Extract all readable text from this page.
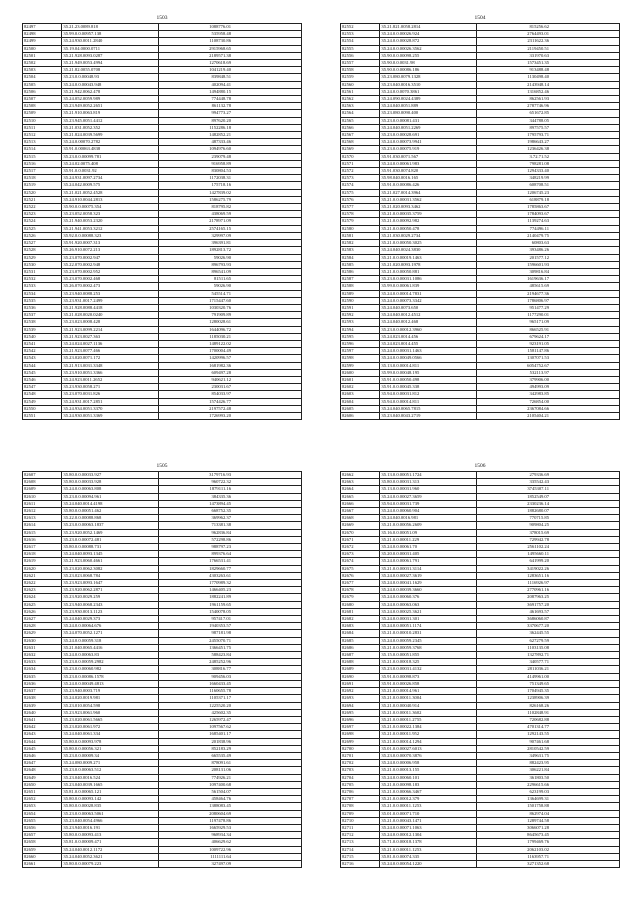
1503
82497	35.21.23.0089.818	1088776.01
82498	35.99.0.0.00957.138	535958.48
82499	35.24.930.0011.2840	1108730.86
82500	35.19.04.0000.0711	2915968.65
82501	35.21.928.0093.0287	2189571.38
82502	35.21.949.0053.4994	1270618.69
82503	35.21.82.0055.0708	1041219.40
82504	35.23.0.0.00048.93	839848.51
82505	35.24.0.0.00043.948	402094.41
82506	35.21.942.0062.478	1494880.15
82507	35.24.052.0059.989	774448.78
82508	35.23.949.0052.2651	861132.78
82509	35.21.910.0063.819	994773.27
82510	35.23.945.0051.4412	897620.20
82511	35.21.031.0052.352	1152286.18
82512	35.21.824.0039.5699	1482852.21
82513	35.24.0.00070.2782	487333.46
82514	35.91.0.00063.4838	1094976.60
82515	35.23.0.0.00099.781	239079.48
82516	35.24.02.0075.408	916958.89
82517	35.91.0.0.0031.92	830804.53
82518	35.24.931.0097.2734	1172038.31
82519	35.24.042.0009.575	175718.16
82520	35.21.021.0052.4528	1427839.02
82521	35.24.910.0044.2813	1586275.79
82522	35.90.0.0.00075.354	818795.82
82523	35.23.052.0058.323	438069.59
82524	35.21.940.0053.2320	2178971.09
82525	35.21.941.0053.3212	2574165.15
82526	35.92.0.0.00088.323	329997.09
82527	35.91.920.0007.313	396391.81
82528	35.26.910.0072.213	1892813.72
82529	35.23.070.0002.947	59026.90
82530	35.22.070.0002.948	896793.93
82531	35.23.070.0002.952	896541.09
82532	35.23.070.0002.468	81511.65
82533	35.26.070.0002.473	59026.90
82534	35.23.940.0088.253	545514.71
82535	35.23.931.0017.2499	1715447.60
82536	35.21.928.0088.4418	1030320.76
82537	35.21.028.0020.0240	791909.89
82538	35.23.023.0008.428	1280028.61
82539	35.21.923.0099.2214	1644096.72
82540	35.21.923.0027.363	1185030.21
82541	35.24.024.0027.1136	1489122.02
82542	35.21.923.0077.466	1700004.49
82543	35.23.020.0071.172	1420996.57
82544	35.21.913.0031.3348	1681982.36
82545	35.23.910.0051.3366	609497.28
82546	35.24.923.0011.2652	940621.12
82547	35.23.930.0058.271	230031.67
82548	35.23.070.0031.826	854033.97
82549	35.24.931.0017.2851	1574426.77
82550	35.24.934.0051.3370	2197572.48
82551	35.24.930.0051.3369	1726993.20
1504
82552	35.21.821.0058.2814	815256.62
82553	35.24.0.0.00026.924	2764493.01
82554	35.24.0.0.00028.872	2311622.36
82555	35.24.0.0.00026.3562	2119450.51
82556	35.90.0.0.00098.255	331970.63
82557	35.90.0.0.0031.98	1573451.35
82558	35.90.0.0.00086.186	913488.48
82559	35.23.080.0079.1328	1130498.40
82560	35.23.040.0016.3510	2143948.14
82561	35.24.0.0.0070.3861	1316852.46
82562	35.24.090.0024.4389	862561.93
82563	35.24.040.0051.889	2787746.96
82564	35.23.080.0090.400	651672.85
82565	35.23.0.0.00081.431	344788.05
82566	35.24.040.0051.2269	897575.57
82567	35.23.0.0.00028.691	1795793.71
82568	35.24.0.0.00073.9941	1986643.27
82569	35.23.0.0.00075.919	1236426.38
82570	35.91.030.0071.567	3.72.71.52
82571	35.24.0.0.00061.983	798281.08
82572	35.91.030.0074.820	1294333.40
82573	35.98.040.0016.165	348219.99
82574	35.91.0.0.00086.426	608708.51
82575	35.21.027.0014.3964	1206745.23
82576	35.21.0.0.00031.3562	618879.18
82577	35.21.020.0093.3462	1785863.67
82578	35.21.0.0.00035.3759	1784093.67
82579	35.21.0.0.00092.982	1139274.63
82580	35.21.0.0.00050.478	774496.11
82581	35.21.030.0029.2734	2140479.75
82582	35.21.0.0.00050.3025	60803.63
82583	35.24.040.0024.3830	393486.26
82584	35.21.0.0.00019.1463	201577.12
82585	35.21.020.0093.1978	1596601.93
82586	35.21.0.0.00050.881	309816.84
82587	35.23.0.0.00031.1086	1619636.17
82588	35.99.0.0.00061.839	485615.69
82589	35.24.0.0.00014.7831	2194677.36
82590	35.24.0.0.00073.3342	1786806.97
82591	35.24.040.0073.650	951477.29
82592	35.24.040.0012.4512	1177290.01
82593	35.24.040.0012.468	965171.09
82594	35.23.0.0.00012.3960	866525.91
82595	35.24.023.0014.456	679624.17
82596	35.24.023.0014.455	923191.05
82597	35.24.0.0.00031.1463	1581147.86
82598	35.24.0.0.00049.0566	1307071.53
82599	35.13.0.0.00014.811	6054752.67
82600	35.99.0.0.00048.195	532113.97
82601	35.91.0.0.00050.498	379906.00
82602	35.91.0.0.00045.338	494993.09
82603	35.94.0.0.00031.812	342983.85
82604	35.94.0.0.00014.811	726854.00
82605	35.24.040.0065.7815	2367084.66
82606	35.23.040.0043.2719	2105404.21
1505
82607	35.80.0.0.00033.927	3179716.93
82608	35.80.0.0.00033.928	960722.32
82609	35.24.0.0.00063.808	1879111.16
82610	35.23.0.0.00094.961	384335.36
82611	35.24.040.0014.4198	1473894.45
82612	35.80.0.0.00051.462	668752.35
82613	35.22.0.0.00088.868	369962.37
82614	35.23.0.0.00063.1837	713381.38
82615	35.23.920.0052.1469	962836.84
82616	35.23.0.0.00072.481	572298.86
82617	35.80.0.0.00088.731	988797.23
82618	35.24.040.0093.1345	899376.64
82619	35.21.923.0060.4661	1766531.41
82620	35.23.020.0062.3082	1829660.77
82621	35.23.023.0068.784	4303263.61
82622	35.23.923.0093.1647	1770989.32
82623	35.23.920.0062.2871	1466405.23
82624	35.23.920.0029.259	1882241.89
82625	35.23.940.0068.2343	1961159.65
82626	35.23.930.0013.1123	1540078.05
82627	35.24.040.0029.373	957417.01
82628	35.24.0.0.00064.676	1940353.57
82629	35.24.070.0052.1271	987181.98
82630	35.24.0.0.00059.318	2455070.71
82631	35.21.040.0065.4416	1366451.75
82632	35.24.0.0.00063.83	588423.84
82633	35.23.0.0.00059.2982	2485252.96
82634	35.23.0.0.00060.982	308816.77
82635	35.23.0.0.00086.1578	909456.03
82636	35.24.0.0.00049.4813	1660433.45
82637	35.23.940.0003.719	1160655.78
82638	35.24.020.0019.981	1105371.17
82639	35.23.010.0054.598	1225520.20
82640	35.23.923.0061.960	425602.35
82641	35.23.020.0061.5665	1265972.47
82642	35.23.020.0061.972	1097567.62
82643	35.24.040.0061.334	1685401.17
82644	35.80.0.0.00093.978	201838.96
82645	35.80.0.0.00056.321	852183.29
82646	35.23.0.0.00009.34	665535.49
82647	35.24.080.0009.271	878091.61
82648	35.23.0.0.00063.512	208131.06
82649	35.23.040.0016.524	774926.21
82650	35.23.040.0039.1665	1097400.68
82651	35.81.0.0.00065.121	561504.07
82652	35.80.0.0.00093.142	458464.76
82653	35.80.0.0.00028.835	1388083.45
82654	35.23.0.0.00063.5061	2080604.69
82655	35.23.040.0054.4966	1197478.86
82656	35.23.940.0016.191	1665929.53
82657	35.80.0.0.00093.413	968934.34
82658	35.81.0.0.00009.471	406629.62
82659	35.24.040.0012.1172	1009722.96
82660	35.24.040.0052.3621	1111111.64
82661	35.80.0.0.00079.223	327497.09
1506
82662	35.13.0.0.00051.1724	279336.69
82663	35.80.0.0.00031.313	335542.43
82664	35.13.0.0.00031.960	3745307.11
82665	35.24.0.0.00027.3659	1852549.07
82666	35.94.0.0.00031.739	2330236.14
82667	35.24.0.0.00060.904	1882680.07
82668	35.24.040.0016.981	770715.85
82669	35.21.0.0.00056.2609	909804.25
82670	35.16.0.0.00051.09	378015.69
82671	35.21.0.0.00011.229	729942.78
82672	35.24.0.0.00061.70	2561102.24
82673	35.20.0.0.00031.405	1495660.11
82674	35.24.0.0.00061.791	641999.20
82675	35.21.0.0.00031.3114	3419022.26
82676	35.24.0.0.00027.3619	1283651.16
82677	35.24.0.0.00041.1629	1116926.97
82678	35.24.0.0.00039.3660	2770961.16
82679	35.24.0.0.00060.376	2087963.25
82680	35.24.0.0.00063.063	3691757.20
82681	35.24.0.0.00025.3621	461693.57
82682	35.24.0.0.00031.301	3686060.87
82683	35.24.0.0.00051.1174	3370677.20
82684	35.21.0.0.00010.2831	362445.55
82685	35.24.0.0.00059.2345	627279.59
82686	35.21.0.0.00059.3768	1103135.08
82687	35.15.0.0.00051.855	1327892.71
82688	35.21.0.0.00018.325	340577.71
82689	35.23.0.0.00031.4132	2811036.21
82690	35.91.0.0.00098.873	4149961.00
82691	35.91.0.0.00026.858	751349.65
82692	35.21.0.0.00014.961	1704945.35
82693	35.21.0.0.00011.3004	1238906.39
82694	35.21.0.0.00040.914	826168.26
82695	35.21.0.0.00011.3602	1102848.91
82696	35.21.0.0.00011.2755	720682.88
82697	35.21.0.0.00022.1384	4701314.77
82698	35.21.0.0.00011.952	1292143.55
82699	35.21.0.0.00014.1294	907461.68
82700	35.01.0.0.00027.6013	2810542.59
82701	35.23.0.0.00070.3876	349631.75
82702	35.24.0.0.00006.958	882423.95
82703	35.21.0.0.00013.155	306221.84
82704	35.24.0.0.00060.101	361803.50
82705	35.21.0.0.00098.183	2296615.66
82706	35.21.0.0.00066.3467	623199.03
82707	35.21.0.0.00012.379	1364699.31
82708	35.21.0.0.00011.1253	1501758.88
82709	35.01.0.0.00071.710	862974.04
82710	35.21.0.0.00043.1471	1289744.58
82711	35.24.0.0.00071.1063	3066071.28
82712	35.24.0.0.00012.1304	8645673.45
82713	35.71.0.0.00018.1378	1799469.76
82714	35.21.0.0.00011.1253	2062103.02
82715	35.81.0.0.00074.335	1163957.71
82716	35.24.0.0.00054.1220	3271352.68
